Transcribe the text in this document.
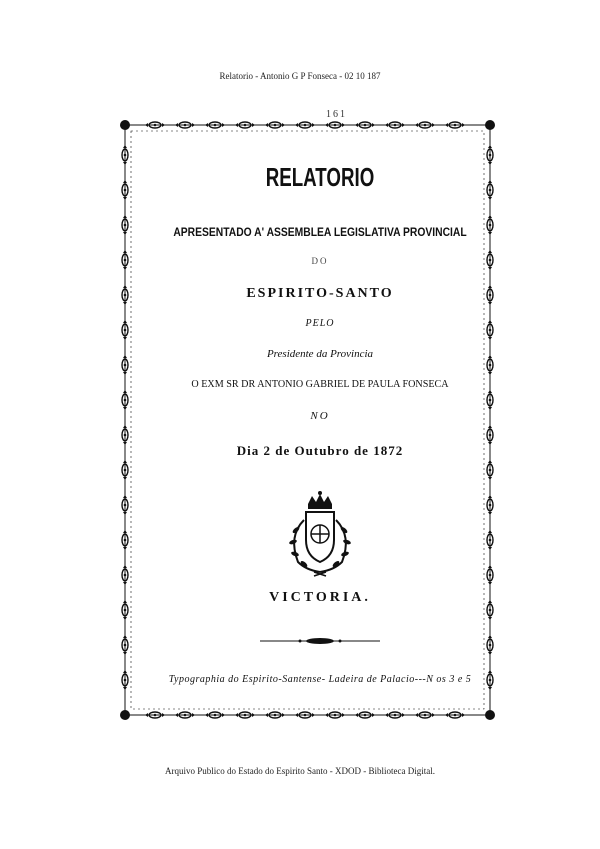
Relatorio - Antonio G P Fonseca - 02 10 187
161
RELATORIO
APRESENTADO A' ASSEMBLEA LEGISLATIVA PROVINCIAL
DO
ESPIRITO-SANTO
PELO
Presidente da Provincia
O EXM SR DR ANTONIO GABRIEL DE PAULA FONSECA
NO
Dia 2 de Outubro de 1872
VICTORIA.
Typographia do Espirito-Santense- Ladeira de Palacio---N os 3 e 5
Arquivo Publico do Estado do Espirito Santo - XDOD - Biblioteca Digital.
